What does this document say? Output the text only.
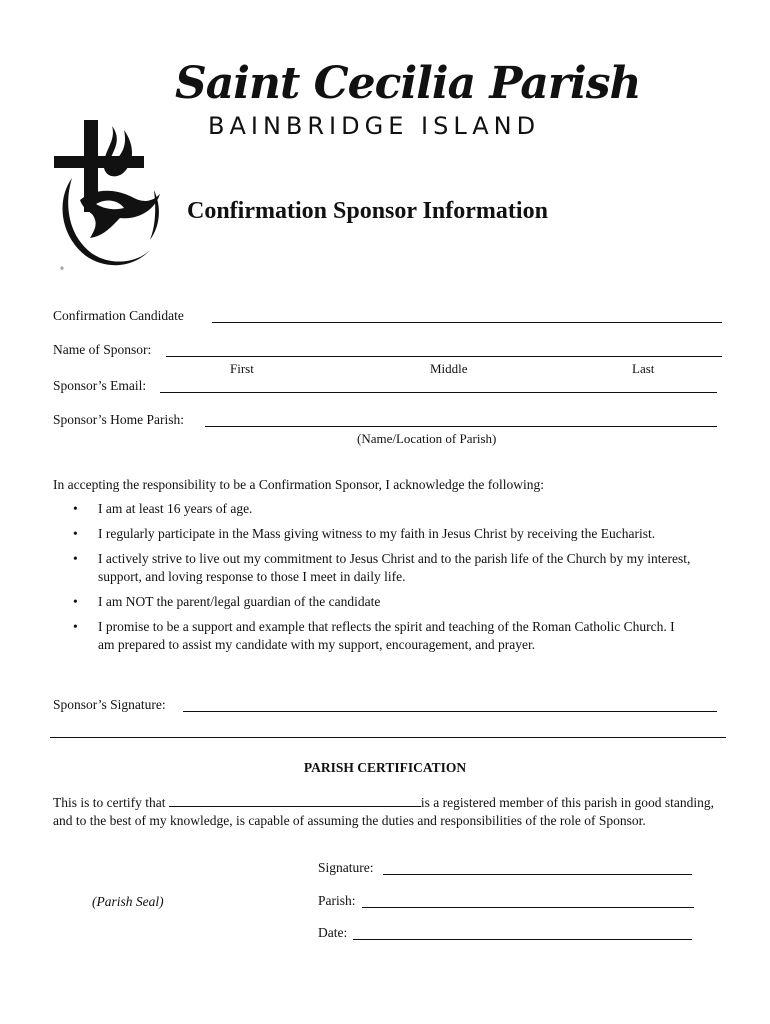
®
Saint Cecilia Parish
BAINBRIDGE ISLAND
Confirmation Sponsor Information
Confirmation Candidate
Name of Sponsor:
First	Middle	Last
Sponsor’s Email:
Sponsor’s Home Parish:
(Name/Location of Parish)
In accepting the responsibility to be a Confirmation Sponsor, I acknowledge the following:
• I am at least 16 years of age.
• I regularly participate in the Mass giving witness to my faith in Jesus Christ by receiving the Eucharist.
• I actively strive to live out my commitment to Jesus Christ and to the parish life of the Church by my interest, support, and loving response to those I meet in daily life.
• I am NOT the parent/legal guardian of the candidate
• I promise to be a support and example that reflects the spirit and teaching of the Roman Catholic Church. I am prepared to assist my candidate with my support, encouragement, and prayer.
Sponsor’s Signature:
PARISH CERTIFICATION
This is to certify that	is a registered member of this parish in good standing, and to the best of my knowledge, is capable of assuming the duties and responsibilities of the role of Sponsor.
(Parish Seal)
Signature:
Parish:
Date:
